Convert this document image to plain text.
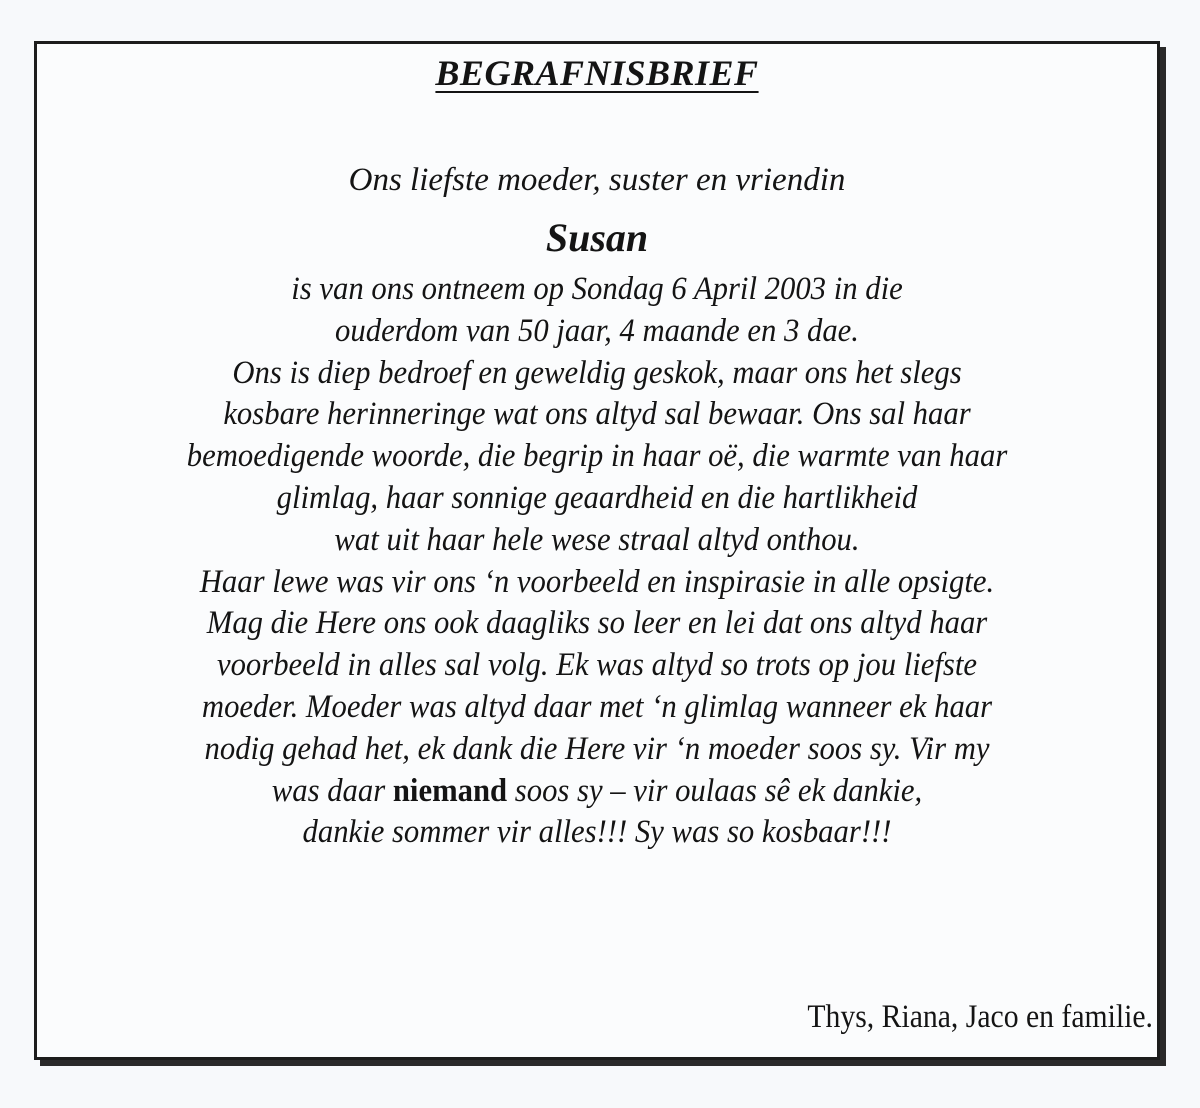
BEGRAFNISBRIEF
Ons liefste moeder, suster en vriendin
Susan
is van ons ontneem op Sondag 6 April 2003 in die
ouderdom van 50 jaar, 4 maande en 3 dae.
Ons is diep bedroef en geweldig geskok, maar ons het slegs
kosbare herinneringe wat ons altyd sal bewaar. Ons sal haar
bemoedigende woorde, die begrip in haar oë, die warmte van haar
glimlag, haar sonnige geaardheid en die hartlikheid
wat uit haar hele wese straal altyd onthou.
Haar lewe was vir ons ‘n voorbeeld en inspirasie in alle opsigte.
Mag die Here ons ook daagliks so leer en lei dat ons altyd haar
voorbeeld in alles sal volg. Ek was altyd so trots op jou liefste
moeder. Moeder was altyd daar met ‘n glimlag wanneer ek haar
nodig gehad het, ek dank die Here vir ‘n moeder soos sy. Vir my
was daar niemand soos sy – vir oulaas sê ek dankie,
dankie sommer vir alles!!! Sy was so kosbaar!!!
Thys, Riana, Jaco en familie.
